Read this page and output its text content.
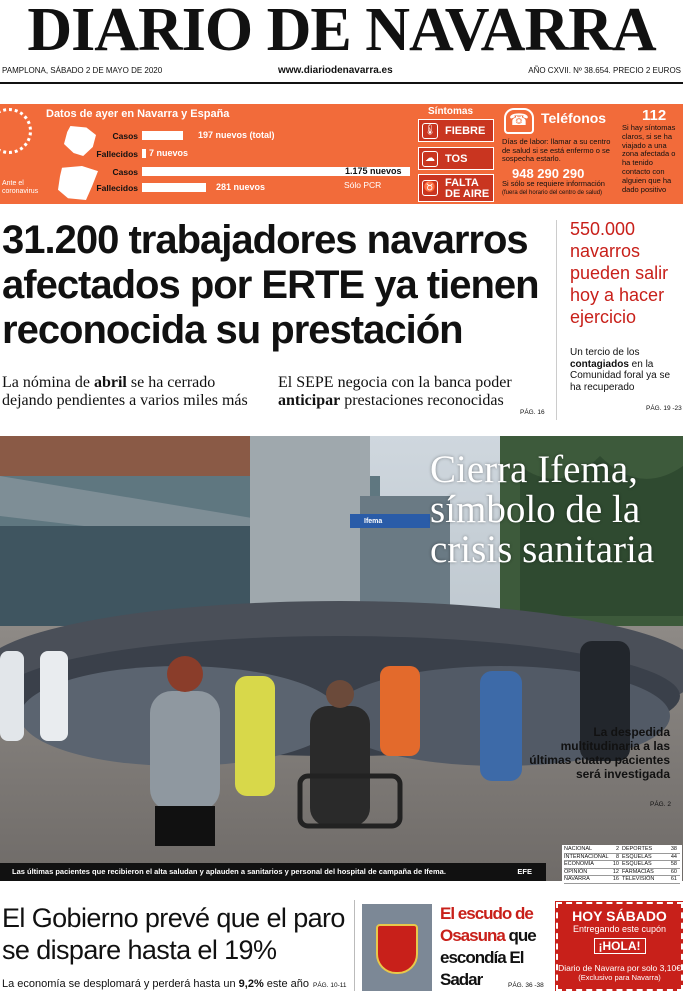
DIARIO DE NAVARRA
PAMPLONA, SÁBADO 2 DE MAYO DE 2020	www.diariodenavarra.es	AÑO CXVII. Nº 38.654. PRECIO 2 EUROS
Ante el coronavirus
Datos de ayer en Navarra y España
Casos	197 nuevos (total)
Fallecidos 7 nuevos
Casos	1.175 nuevos
Sólo PCR
Fallecidos	281 nuevos
Síntomas
🌡 FIEBRE
☁ TOS
♉ FALTA DE AIRE
☎ Teléfonos
Días de labor: llamar a su centro de salud si se está enfermo o se sospecha estarlo.
948 290 290
Si sólo se requiere información
(fuera del horario del centro de salud)
112
Si hay síntomas claros, si se ha viajado a una zona afectada o ha tenido contacto con alguien que ha dado positivo
31.200 trabajadores navarros afectados por ERTE ya tienen reconocida su prestación
La nómina de abril se ha cerrado dejando pendientes a varios miles más
El SEPE negocia con la banca poder anticipar prestaciones reconocidas
PÁG. 16
550.000 navarros pueden salir hoy a hacer ejercicio
Un tercio de los contagiados en la Comunidad foral ya se ha recuperado
PÁG. 19 -23
Ifema
Cierra Ifema, símbolo de la crisis sanitaria
La despedida multitudinaria a las últimas cuatro pacientes será investigada
PÁG. 2
Las últimas pacientes que recibieron el alta saludan y aplauden a sanitarios y personal del hospital de campaña de Ifema.	EFE
NACIONAL	2 DEPORTES	38
INTERNACIONAL 8 ESQUELAS	44
ECONOMÍA	10 ESQUELAS	58
OPINIÓN	12 FARMACIAS	60
NAVARRA	16 TELEVISIÓN	61
El Gobierno prevé que el paro se dispare hasta el 19%
La economía se desplomará y perderá hasta un 9,2% este año PÁG. 10-11
El escudo de Osasuna que escondía El Sadar	PÁG. 36 -38
HOY SÁBADO
Entregando este cupón
¡HOLA!
Diario de Navarra por solo 3,10€
(Exclusivo para Navarra)
